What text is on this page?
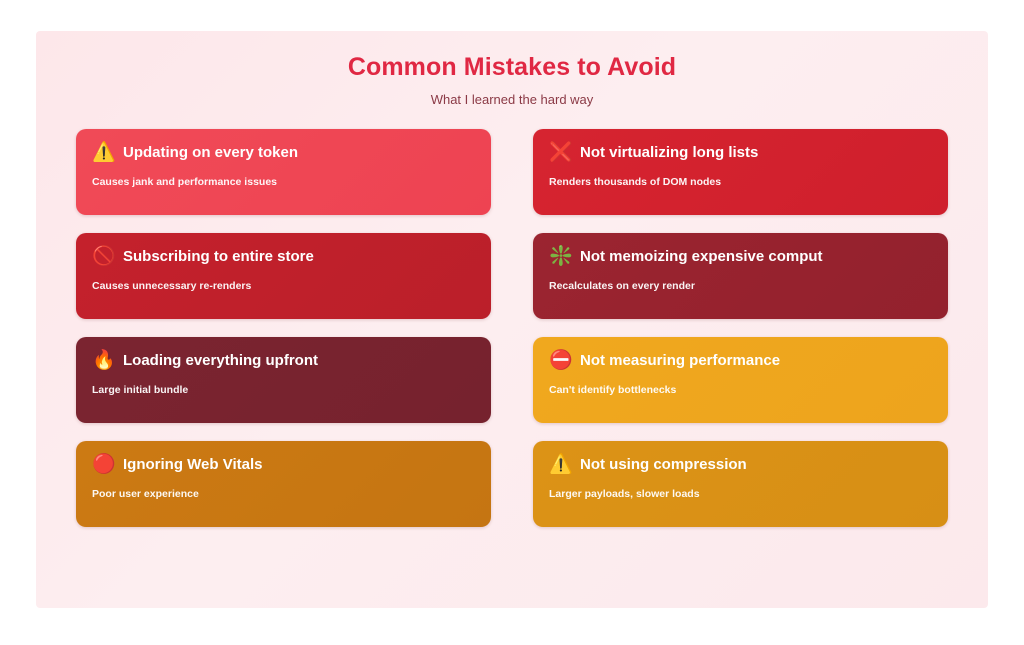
Common Mistakes to Avoid

What I learned the hard way

⚠️ Updating on every token
Causes jank and performance issues
❌ Not virtualizing long lists
Renders thousands of DOM nodes
🚫 Subscribing to entire store
Causes unnecessary re-renders
❇️ Not memoizing expensive comput
Recalculates on every render
🔥 Loading everything upfront
Large initial bundle
⛔ Not measuring performance
Can't identify bottlenecks
🔴 Ignoring Web Vitals
Poor user experience
⚠️ Not using compression
Larger payloads, slower loads
